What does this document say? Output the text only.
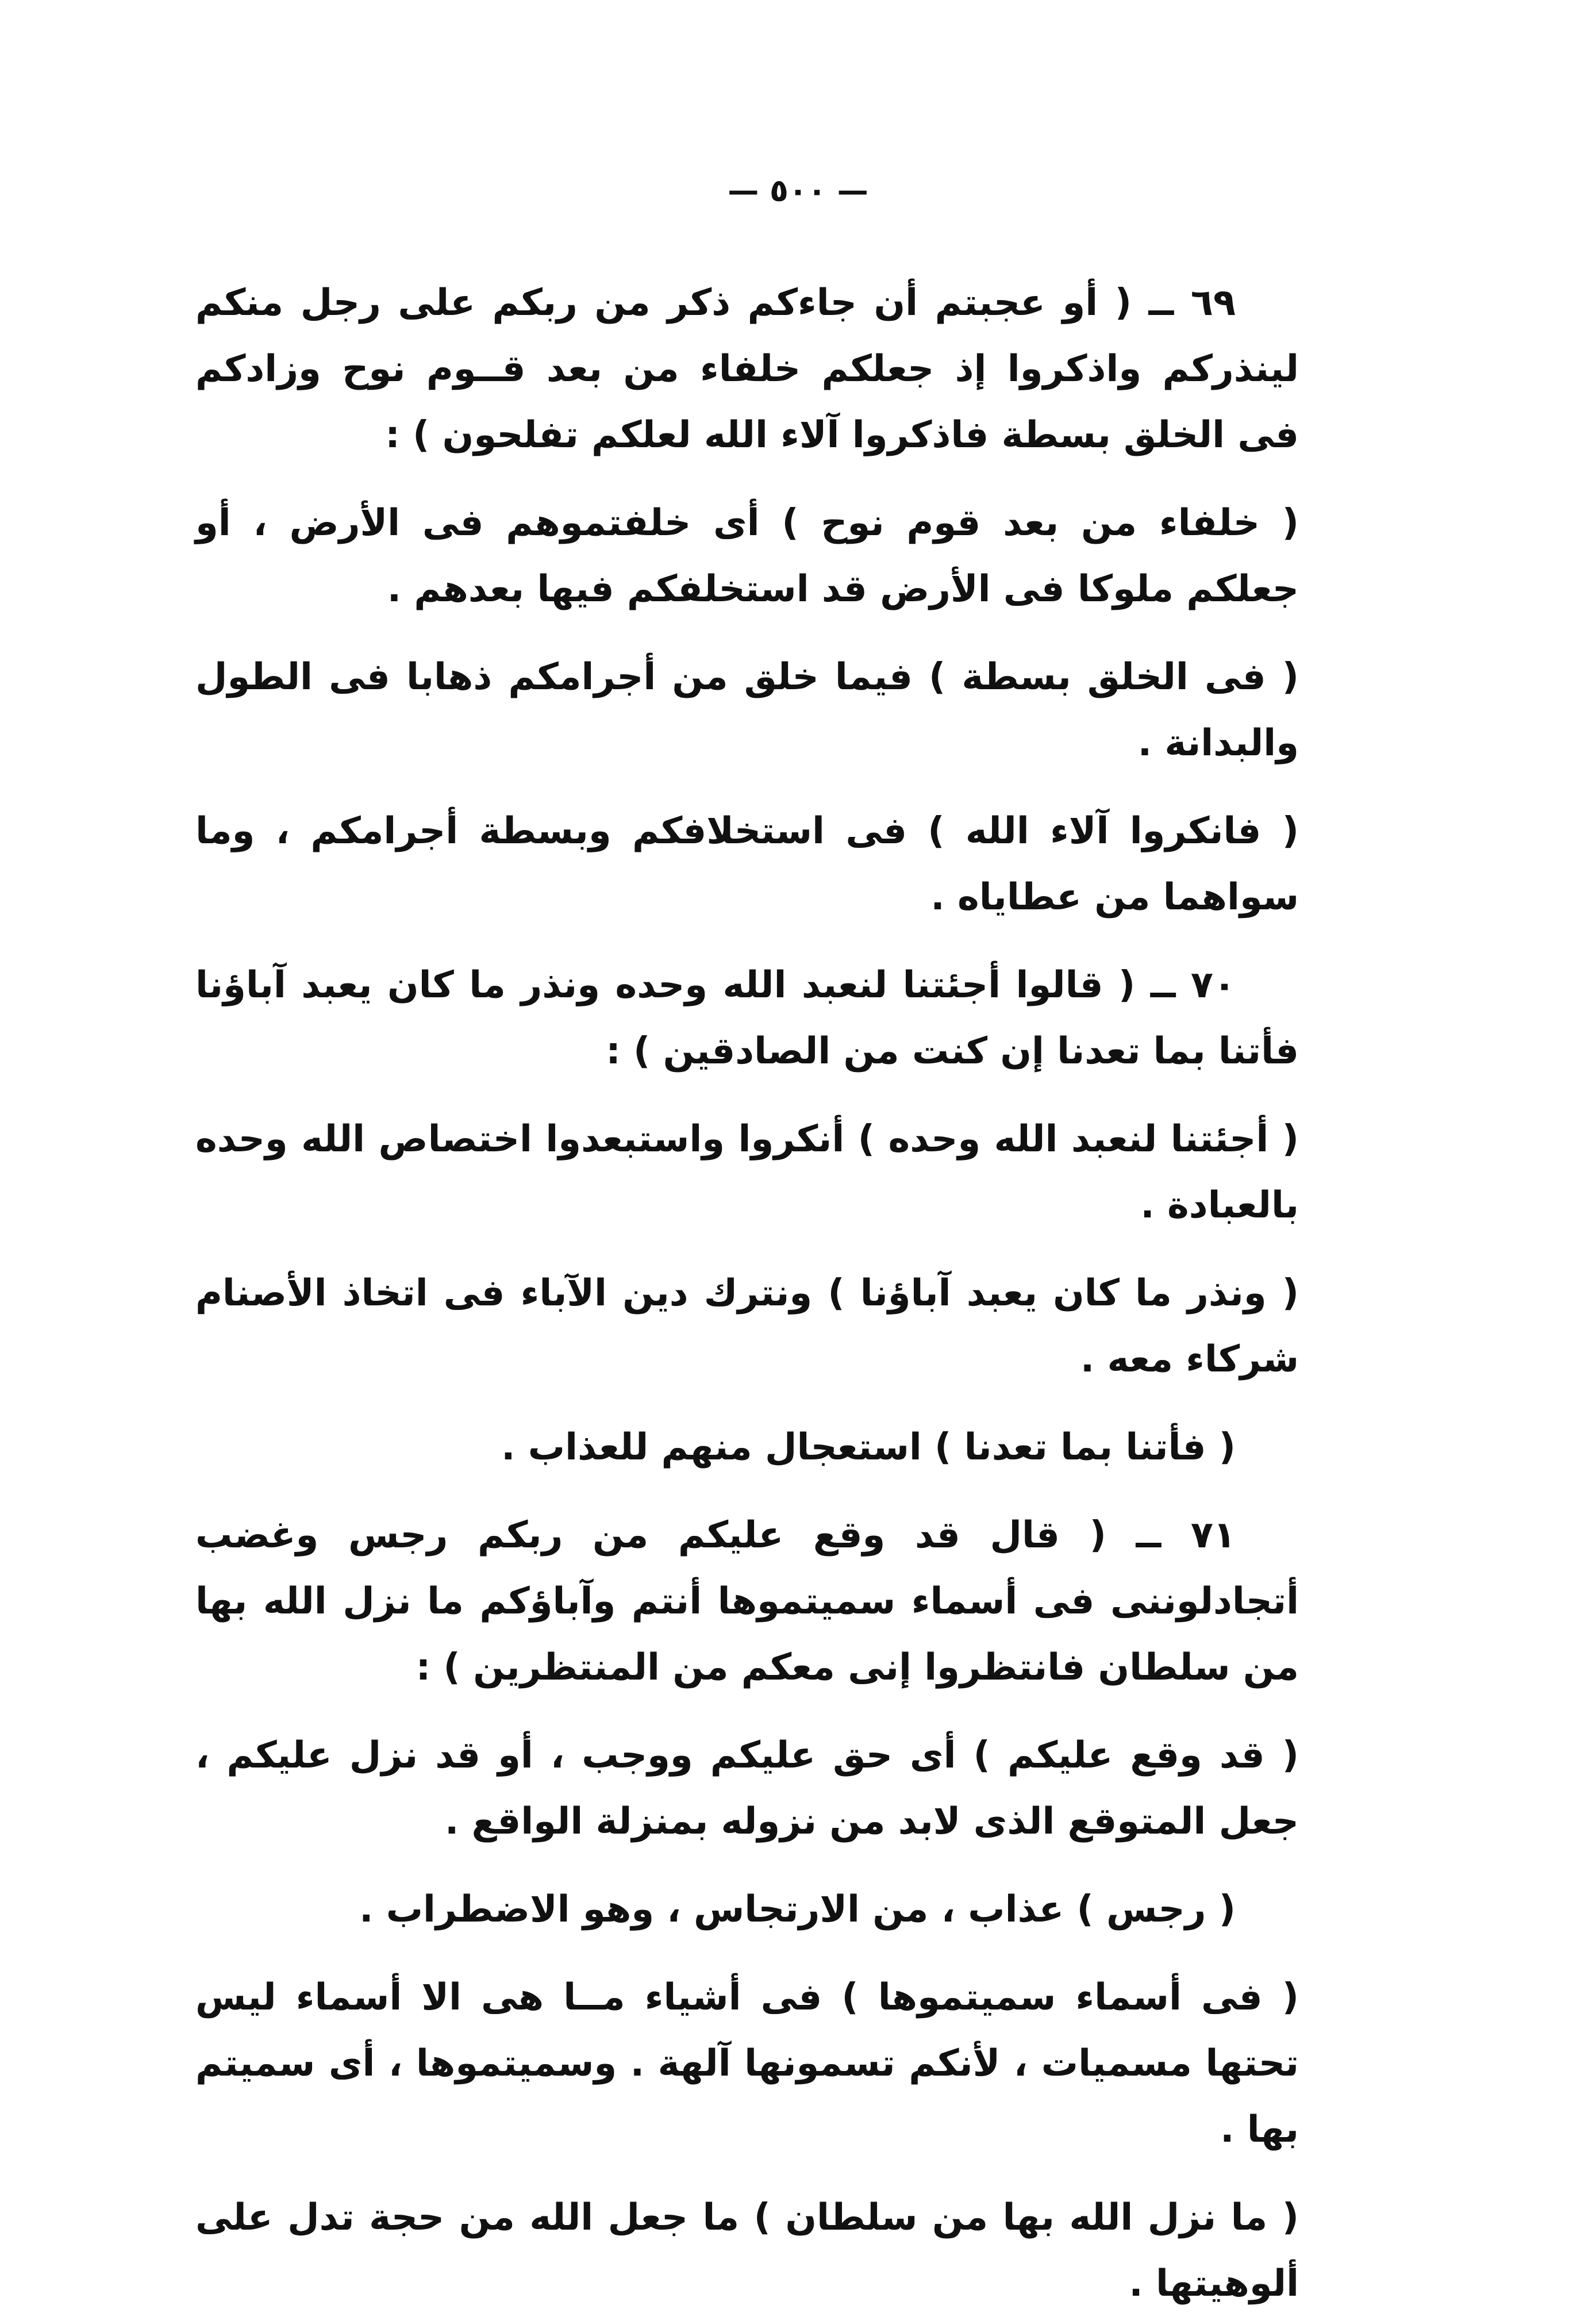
— ٥٠٠ —

٦٩ ــ ( أو عجبتم أن جاءكم ذكر من ربكم على رجل منكم لينذركم واذكروا إذ جعلكم خلفاء من بعد قــوم نوح وزادكم فى الخلق بسطة فاذكروا آلاء الله لعلكم تفلحون ) :

( خلفاء من بعد قوم نوح ) أى خلفتموهم فى الأرض ، أو جعلكم ملوكا فى الأرض قد استخلفكم فيها بعدهم .

( فى الخلق بسطة ) فيما خلق من أجرامكم ذهابا فى الطول والبدانة .

( فانكروا آلاء الله ) فى استخلافكم وبسطة أجرامكم ، وما سواهما من عطاياه .

٧٠ ــ ( قالوا أجئتنا لنعبد الله وحده ونذر ما كان يعبد آباؤنا فأتنا بما تعدنا إن كنت من الصادقين ) :

( أجئتنا لنعبد الله وحده ) أنكروا واستبعدوا اختصاص الله وحده بالعبادة .

( ونذر ما كان يعبد آباؤنا ) ونترك دين الآباء فى اتخاذ الأصنام شركاء معه .

( فأتنا بما تعدنا ) استعجال منهم للعذاب .

٧١ ــ ( قال قد وقع عليكم من ربكم رجس وغضب أتجادلوننى فى أسماء سميتموها أنتم وآباؤكم ما نزل الله بها من سلطان فانتظروا إنى معكم من المنتظرين ) :

( قد وقع عليكم ) أى حق عليكم ووجب ، أو قد نزل عليكم ، جعل المتوقع الذى لابد من نزوله بمنزلة الواقع .

( رجس ) عذاب ، من الارتجاس ، وهو الاضطراب .

( فى أسماء سميتموها ) فى أشياء مــا هى الا أسماء ليس تحتها مسميات ، لأنكم تسمونها آلهة . وسميتموها ، أى سميتم بها .

( ما نزل الله بها من سلطان ) ما جعل الله من حجة تدل على ألوهيتها .
